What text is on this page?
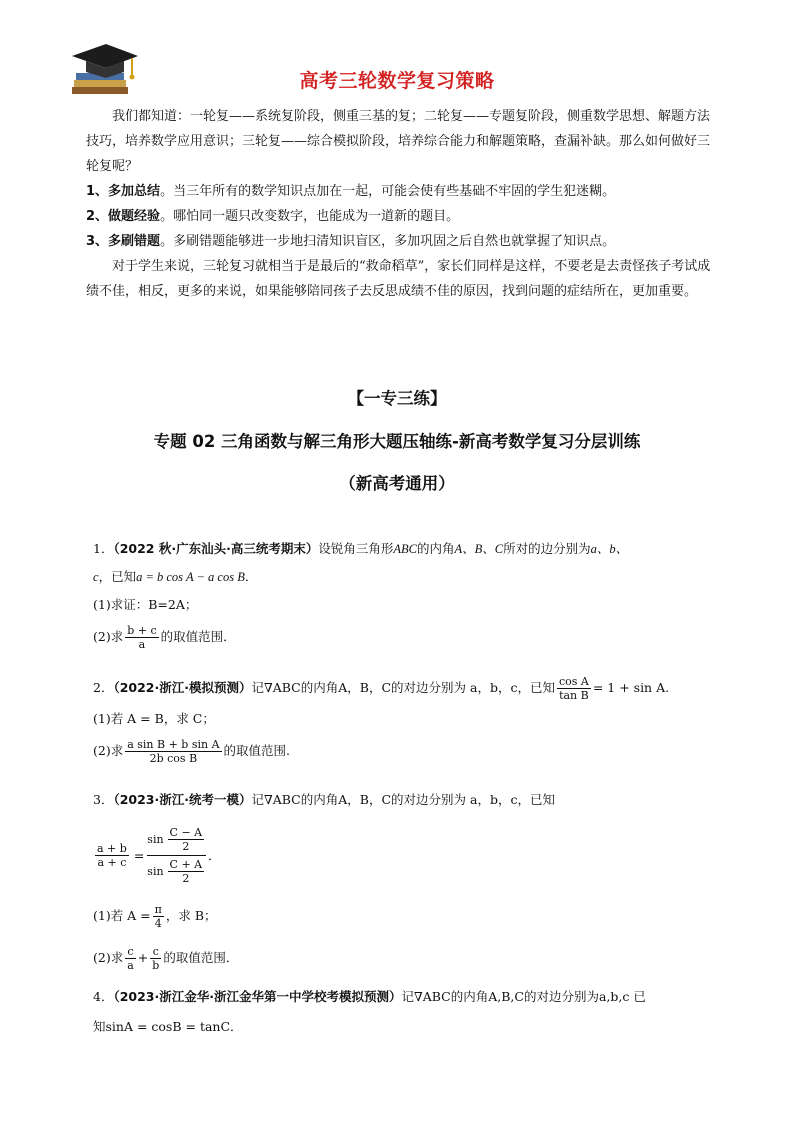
高考三轮数学复习策略

我们都知道：一轮复——系统复阶段，侧重三基的复；二轮复——专题复阶段，侧重数学思想、解题方法技巧，培养数学应用意识；三轮复——综合模拟阶段，培养综合能力和解题策略，查漏补缺。那么如何做好三轮复呢？

1、多加总结。当三年所有的数学知识点加在一起，可能会使有些基础不牢固的学生犯迷糊。

2、做题经验。哪怕同一题只改变数字，也能成为一道新的题目。

3、多刷错题。多刷错题能够进一步地扫清知识盲区，多加巩固之后自然也就掌握了知识点。

对于学生来说，三轮复习就相当于是最后的“救命稻草”，家长们同样是这样，不要老是去责怪孩子考试成绩不佳，相反，更多的来说，如果能够陪同孩子去反思成绩不佳的原因，找到问题的症结所在，更加重要。

【一专三练】
专题 02 三角函数与解三角形大题压轴练-新高考数学复习分层训练
（新高考通用）
1．（2022 秋·广东汕头·高三统考期末）设锐角三角形ABC的内角A、B、C所对的边分别为a、b、
c，已知a = b cos A − a cos B．
(1)求证：B=2A；
(2)求 $\frac{b + c}{a}$ 的取值范围．
2．（2022·浙江·模拟预测）记∇ABC的内角A，B，C的对边分别为 a，b，c，已知 $\frac{\text{cos A}}{\text{tan B}} = 1 + \sin A$.
(1)若 A = B，求 C；
(2)求 $\frac{\text{a sin B + b sin A}}{\text{2b cos B}}$ 的取值范围.
3．（2023·浙江·统考一模）记∇ABC的内角A，B，C的对边分别为 a，b，c，已知
$\frac{a + b}{a + c} = \frac{\sin \frac{C - A}{2}}{\sin \frac{C + A}{2}}$ ．
(1)若 $A = \frac{\pi}{4}$ ，求 B；
(2)求 $\frac{c}{a} + \frac{c}{b}$ 的取值范围．
4．（2023·浙江金华·浙江金华第一中学校考模拟预测）记∇ABC的内角A,B,C的对边分别为a,b,c 已
知sinA = cosB = tanC．
